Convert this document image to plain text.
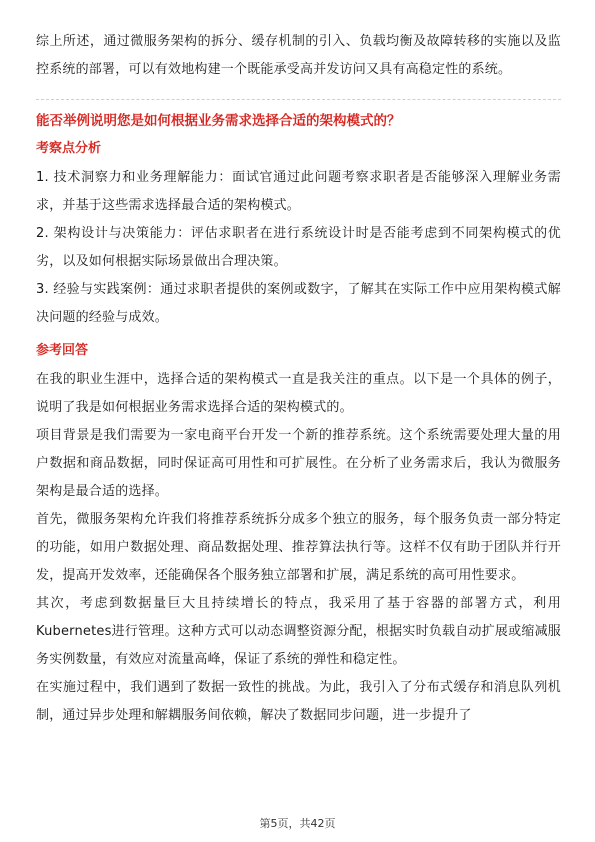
综上所述，通过微服务架构的拆分、缓存机制的引入、负载均衡及故障转移的实施以及监控系统的部署，可以有效地构建一个既能承受高并发访问又具有高稳定性的系统。

能否举例说明您是如何根据业务需求选择合适的架构模式的？

考察点分析

1. 技术洞察力和业务理解能力：面试官通过此问题考察求职者是否能够深入理解业务需求，并基于这些需求选择最合适的架构模式。

2. 架构设计与决策能力：评估求职者在进行系统设计时是否能考虑到不同架构模式的优劣，以及如何根据实际场景做出合理决策。

3. 经验与实践案例：通过求职者提供的案例或数字，了解其在实际工作中应用架构模式解决问题的经验与成效。

参考回答

在我的职业生涯中，选择合适的架构模式一直是我关注的重点。以下是一个具体的例子，说明了我是如何根据业务需求选择合适的架构模式的。

项目背景是我们需要为一家电商平台开发一个新的推荐系统。这个系统需要处理大量的用户数据和商品数据，同时保证高可用性和可扩展性。在分析了业务需求后，我认为微服务架构是最合适的选择。

首先，微服务架构允许我们将推荐系统拆分成多个独立的服务，每个服务负责一部分特定的功能，如用户数据处理、商品数据处理、推荐算法执行等。这样不仅有助于团队并行开发，提高开发效率，还能确保各个服务独立部署和扩展，满足系统的高可用性要求。

其次，考虑到数据量巨大且持续增长的特点，我采用了基于容器的部署方式，利用Kubernetes进行管理。这种方式可以动态调整资源分配，根据实时负载自动扩展或缩减服务实例数量，有效应对流量高峰，保证了系统的弹性和稳定性。

在实施过程中，我们遇到了数据一致性的挑战。为此，我引入了分布式缓存和消息队列机制，通过异步处理和解耦服务间依赖，解决了数据同步问题，进一步提升了

第5页，共42页
